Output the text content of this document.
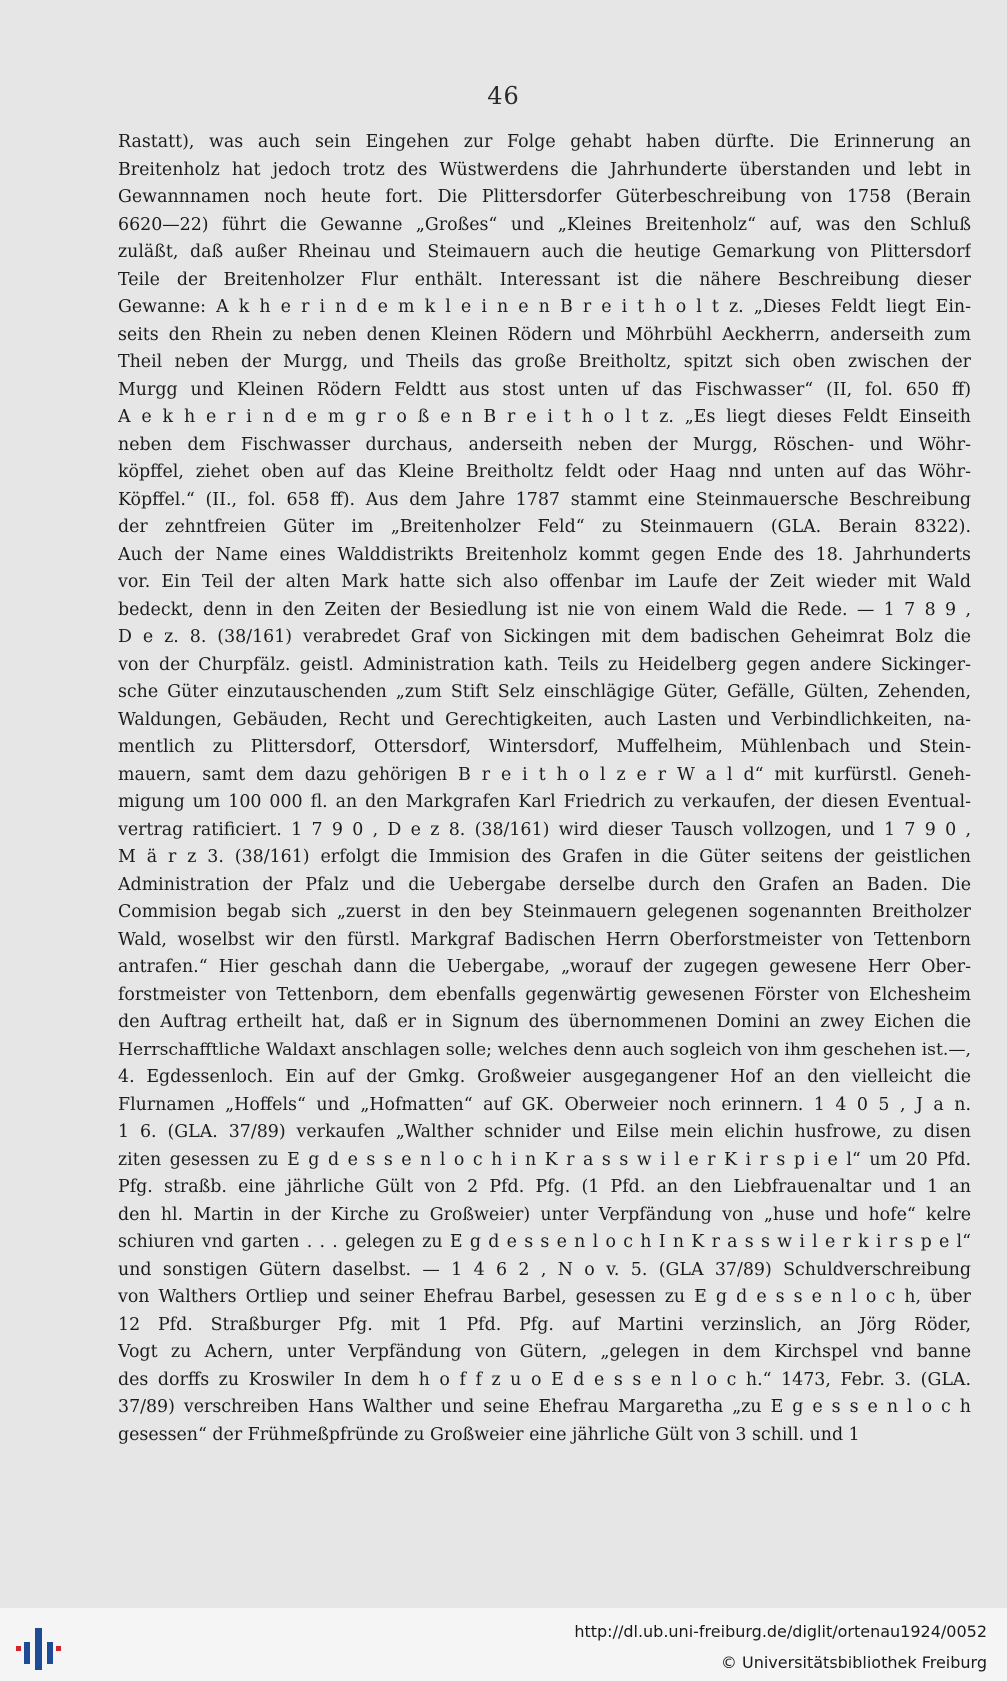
46
Rastatt), was auch sein Eingehen zur Folge gehabt haben dürfte. Die Erinnerung an
Breitenholz hat jedoch trotz des Wüstwerdens die Jahrhunderte überstanden und lebt in
Gewannnamen noch heute fort. Die Plittersdorfer Güterbeschreibung von 1758 (Berain
6620—22) führt die Gewanne „Großes“ und „Kleines Breitenholz“ auf, was den Schluß
zuläßt, daß außer Rheinau und Steimauern auch die heutige Gemarkung von Plittersdorf
Teile der Breitenholzer Flur enthält. Interessant ist die nähere Beschreibung dieser
Gewanne: A k h e r i n d e m k l e i n e n B r e i t h o l t z. „Dieses Feldt liegt Ein-
seits den Rhein zu neben denen Kleinen Rödern und Möhrbühl Aeckherrn, anderseith zum
Theil neben der Murgg, und Theils das große Breitholtz, spitzt sich oben zwischen der
Murgg und Kleinen Rödern Feldtt aus stost unten uf das Fischwasser“ (II, fol. 650 ff)
A e k h e r i n d e m g r o ß e n B r e i t h o l t z. „Es liegt dieses Feldt Einseith
neben dem Fischwasser durchaus, anderseith neben der Murgg, Röschen- und Wöhr-
köpffel, ziehet oben auf das Kleine Breitholtz feldt oder Haag nnd unten auf das Wöhr-
Köpffel.“ (II., fol. 658 ff). Aus dem Jahre 1787 stammt eine Steinmauersche Beschreibung
der zehntfreien Güter im „Breitenholzer Feld“ zu Steinmauern (GLA. Berain 8322).
Auch der Name eines Walddistrikts Breitenholz kommt gegen Ende des 18. Jahrhunderts
vor. Ein Teil der alten Mark hatte sich also offenbar im Laufe der Zeit wieder mit Wald
bedeckt, denn in den Zeiten der Besiedlung ist nie von einem Wald die Rede. — 1 7 8 9 ,
D e z. 8. (38/161) verabredet Graf von Sickingen mit dem badischen Geheimrat Bolz die
von der Churpfälz. geistl. Administration kath. Teils zu Heidelberg gegen andere Sickinger-
sche Güter einzutauschenden „zum Stift Selz einschlägige Güter, Gefälle, Gülten, Zehenden,
Waldungen, Gebäuden, Recht und Gerechtigkeiten, auch Lasten und Verbindlichkeiten, na-
mentlich zu Plittersdorf, Ottersdorf, Wintersdorf, Muffelheim, Mühlenbach und Stein-
mauern, samt dem dazu gehörigen B r e i t h o l z e r W a l d“ mit kurfürstl. Geneh-
migung um 100 000 fl. an den Markgrafen Karl Friedrich zu verkaufen, der diesen Eventual-
vertrag ratificiert. 1 7 9 0 , D e z 8. (38/161) wird dieser Tausch vollzogen, und 1 7 9 0 ,
M ä r z 3. (38/161) erfolgt die Immision des Grafen in die Güter seitens der geistlichen
Administration der Pfalz und die Uebergabe derselbe durch den Grafen an Baden. Die
Commision begab sich „zuerst in den bey Steinmauern gelegenen sogenannten Breitholzer
Wald, woselbst wir den fürstl. Markgraf Badischen Herrn Oberforstmeister von Tettenborn
antrafen.“ Hier geschah dann die Uebergabe, „worauf der zugegen gewesene Herr Ober-
forstmeister von Tettenborn, dem ebenfalls gegenwärtig gewesenen Förster von Elchesheim
den Auftrag ertheilt hat, daß er in Signum des übernommenen Domini an zwey Eichen die
Herrschafftliche Waldaxt anschlagen solle; welches denn auch sogleich von ihm geschehen ist.—,
4. Egdessenloch. Ein auf der Gmkg. Großweier ausgegangener Hof an den vielleicht die
Flurnamen „Hoffels“ und „Hofmatten“ auf GK. Oberweier noch erinnern. 1 4 0 5 , J a n.
1 6. (GLA. 37/89) verkaufen „Walther schnider und Eilse mein elichin husfrowe, zu disen
ziten gesessen zu E g d e s s e n l o c h i n K r a s s w i l e r K i r s p i e l“ um 20 Pfd.
Pfg. straßb. eine jährliche Gült von 2 Pfd. Pfg. (1 Pfd. an den Liebfrauenaltar und 1 an
den hl. Martin in der Kirche zu Großweier) unter Verpfändung von „huse und hofe“ kelre
schiuren vnd garten . . . gelegen zu E g d e s s e n l o c h I n K r a s s w i l e r k i r s p e l“
und sonstigen Gütern daselbst. — 1 4 6 2 , N o v. 5. (GLA 37/89) Schuldverschreibung
von Walthers Ortliep und seiner Ehefrau Barbel, gesessen zu E g d e s s e n l o c h, über
12 Pfd. Straßburger Pfg. mit 1 Pfd. Pfg. auf Martini verzinslich, an Jörg Röder,
Vogt zu Achern, unter Verpfändung von Gütern, „gelegen in dem Kirchspel vnd banne
des dorffs zu Kroswiler In dem h o f f z u o E d e s s e n l o c h.“ 1473, Febr. 3. (GLA.
37/89) verschreiben Hans Walther und seine Ehefrau Margaretha „zu E g e s s e n l o c h
gesessen“ der Frühmeßpfründe zu Großweier eine jährliche Gült von 3 schill. und 1
http://dl.ub.uni-freiburg.de/diglit/ortenau1924/0052
© Universitätsbibliothek Freiburg
